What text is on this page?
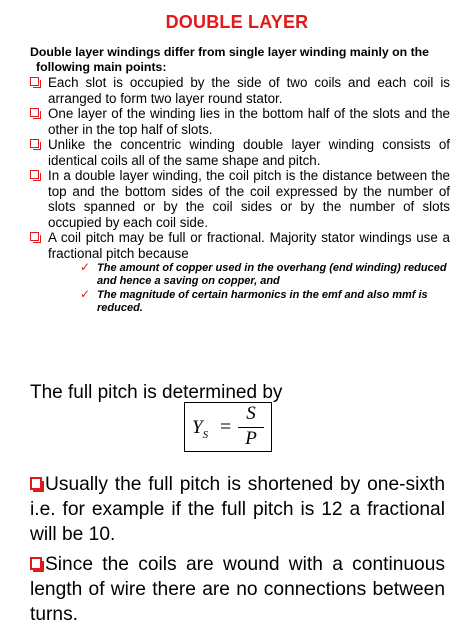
DOUBLE LAYER
Double layer windings differ from single layer winding mainly on the
following main points:
Each slot is occupied by the side of two coils and each coil is arranged to form two layer round stator.
One layer of the winding lies in the bottom half of the slots and the other in the top half of slots.
Unlike the concentric winding double layer winding consists of identical coils all of the same shape and pitch.
In a double layer winding, the coil pitch is the distance between the top and the bottom sides of the coil expressed by the number of slots spanned or by the coil sides or by the number of slots occupied by each coil side.
A coil pitch may be full or fractional. Majority stator windings use a fractional pitch because
✓ The amount of copper used in the overhang (end winding) reduced and hence a saving on copper, and
✓ The magnitude of certain harmonics in the emf and also mmf is reduced.
The full pitch is determined by
$Y_S$ =
S
P
Usually the full pitch is shortened by one-sixth i.e. for example if the full pitch is 12 a fractional will be 10.
Since the coils are wound with a continuous length of wire there are no connections between turns.
